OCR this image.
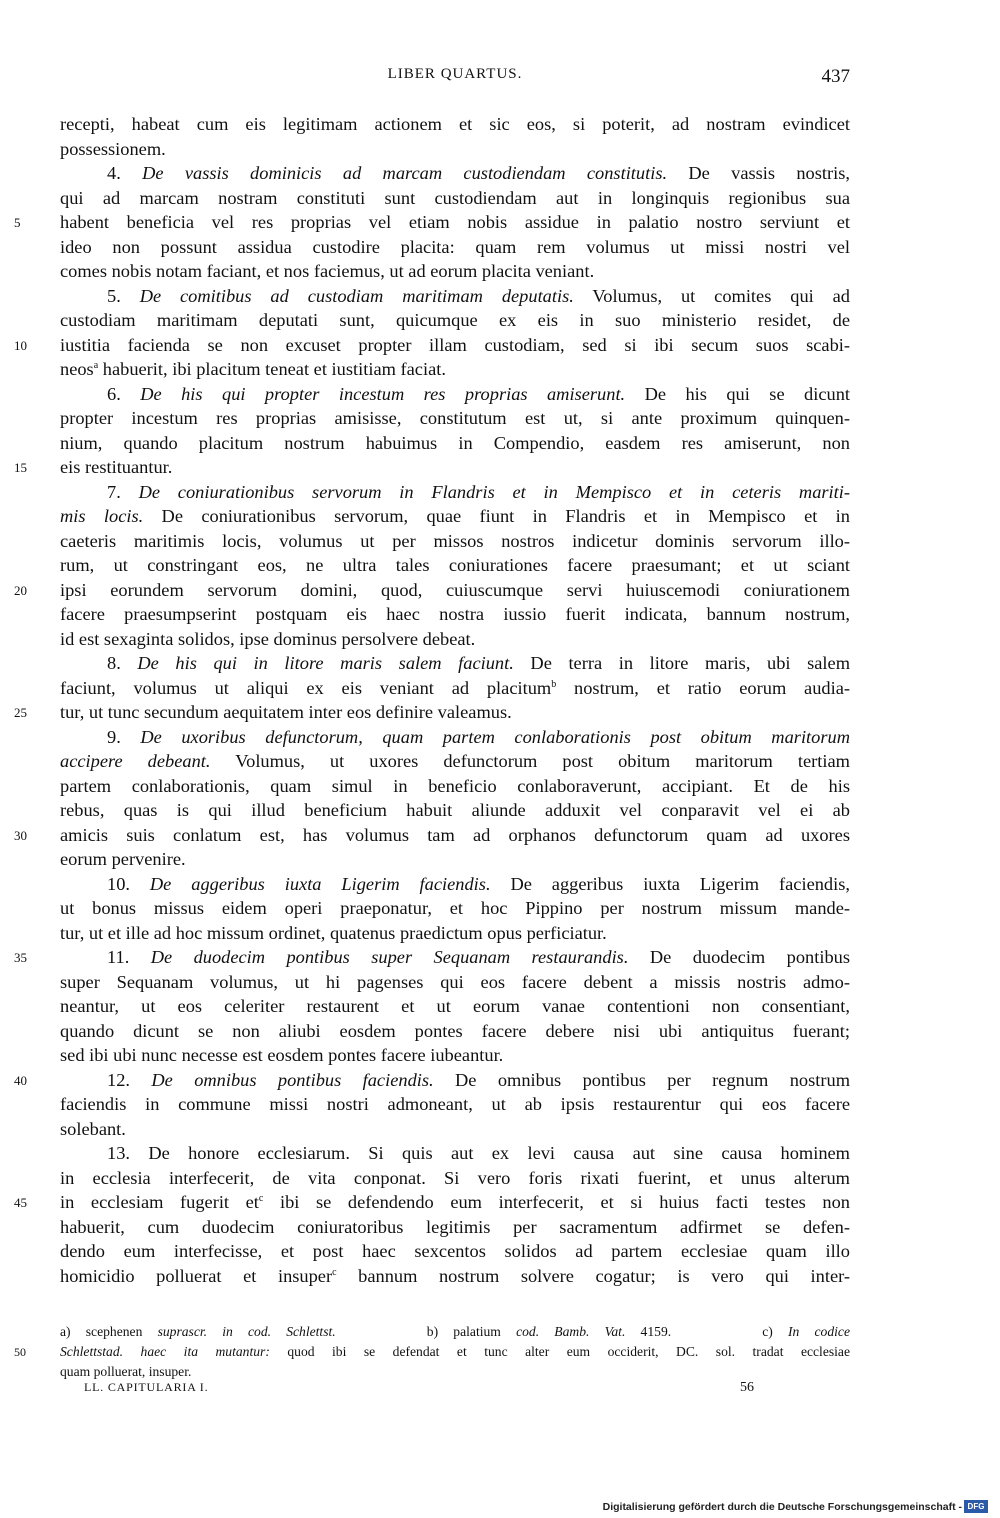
LIBER QUARTUS.	437
recepti, habeat cum eis legitimam actionem et sic eos, si poterit, ad nostram evindicet
possessionem.
4. De vassis dominicis ad marcam custodiendam constitutis. De vassis nostris,
qui ad marcam nostram constituti sunt custodiendam aut in longinquis regionibus sua
5	habent beneficia vel res proprias vel etiam nobis assidue in palatio nostro serviunt et
ideo non possunt assidua custodire placita: quam rem volumus ut missi nostri vel
comes nobis notam faciant, et nos faciemus, ut ad eorum placita veniant.
5. De comitibus ad custodiam maritimam deputatis. Volumus, ut comites qui ad
custodiam maritimam deputati sunt, quicumque ex eis in suo ministerio residet, de
10	iustitia facienda se non excuset propter illam custodiam, sed si ibi secum suos scabi-
neos$^a$ habuerit, ibi placitum teneat et iustitiam faciat.
6. De his qui propter incestum res proprias amiserunt. De his qui se dicunt
propter incestum res proprias amisisse, constitutum est ut, si ante proximum quinquen-
nium, quando placitum nostrum habuimus in Compendio, easdem res amiserunt, non
15	eis restituantur.
7. De coniurationibus servorum in Flandris et in Mempisco et in ceteris mariti-
mis locis. De coniurationibus servorum, quae fiunt in Flandris et in Mempisco et in
caeteris maritimis locis, volumus ut per missos nostros indicetur dominis servorum illo-
rum, ut constringant eos, ne ultra tales coniurationes facere praesumant; et ut sciant
20	ipsi eorundem servorum domini, quod, cuiuscumque servi huiuscemodi coniurationem
facere praesumpserint postquam eis haec nostra iussio fuerit indicata, bannum nostrum,
id est sexaginta solidos, ipse dominus persolvere debeat.
8. De his qui in litore maris salem faciunt. De terra in litore maris, ubi salem
faciunt, volumus ut aliqui ex eis veniant ad placitum$^b$ nostrum, et ratio eorum audia-
25	tur, ut tunc secundum aequitatem inter eos definire valeamus.
9. De uxoribus defunctorum, quam partem conlaborationis post obitum maritorum
accipere debeant. Volumus, ut uxores defunctorum post obitum maritorum tertiam
partem conlaborationis, quam simul in beneficio conlaboraverunt, accipiant. Et de his
rebus, quas is qui illud beneficium habuit aliunde adduxit vel conparavit vel ei ab
30	amicis suis conlatum est, has volumus tam ad orphanos defunctorum quam ad uxores
eorum pervenire.
10. De aggeribus iuxta Ligerim faciendis. De aggeribus iuxta Ligerim faciendis,
ut bonus missus eidem operi praeponatur, et hoc Pippino per nostrum missum mande-
tur, ut et ille ad hoc missum ordinet, quatenus praedictum opus perficiatur.
35	11. De duodecim pontibus super Sequanam restaurandis. De duodecim pontibus
super Sequanam volumus, ut hi pagenses qui eos facere debent a missis nostris admo-
neantur, ut eos celeriter restaurent et ut eorum vanae contentioni non consentiant,
quando dicunt se non aliubi eosdem pontes facere debere nisi ubi antiquitus fuerant;
sed ibi ubi nunc necesse est eosdem pontes facere iubeantur.
40	12. De omnibus pontibus faciendis. De omnibus pontibus per regnum nostrum
faciendis in commune missi nostri admoneant, ut ab ipsis restaurentur qui eos facere
solebant.
13. De honore ecclesiarum. Si quis aut ex levi causa aut sine causa hominem
in ecclesia interfecerit, de vita conponat. Si vero foris rixati fuerint, et unus alterum
45	in ecclesiam fugerit $et^c$ ibi se defendendo eum interfecerit, et si huius facti testes non
habuerit, cum duodecim coniuratoribus legitimis per sacramentum adfirmet se defen-
dendo eum interfecisse, et post haec sexcentos solidos ad partem ecclesiae quam illo
homicidio polluerat et insuper$^c$ bannum nostrum solvere cogatur; is vero qui inter-
a) scephenen suprascr. in cod. Schlettst.      b) palatium cod. Bamb. Vat. 4159.      c) In codice
50	Schlettstad. haec ita mutantur: quod ibi se defendat et tunc alter eum occiderit, DC. sol. tradat ecclesiae
quam polluerat, insuper.
LL. CAPITULARIA I.	56
Digitalisierung gefördert durch die Deutsche Forschungsgemeinschaft - DFG
